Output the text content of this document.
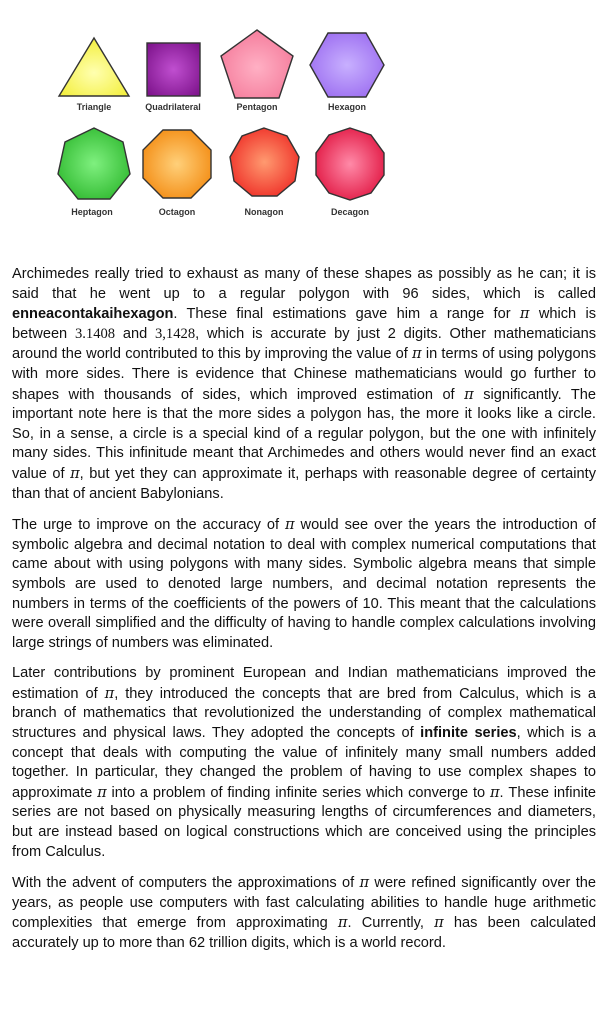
Triangle	Quadrilateral	Pentagon	Hexagon
Heptagon	Octagon	Nonagon	Decagon

Archimedes really tried to exhaust as many of these shapes as possibly as he can; it is said that he went up to a regular polygon with 96 sides, which is called enneacontakaihexagon. These final estimations gave him a range for π which is between 3.1408 and 3,1428, which is accurate by just 2 digits. Other mathematicians around the world contributed to this by improving the value of π in terms of using polygons with more sides. There is evidence that Chinese mathematicians would go further to shapes with thousands of sides, which improved estimation of π significantly. The important note here is that the more sides a polygon has, the more it looks like a circle. So, in a sense, a circle is a special kind of a regular polygon, but the one with infinitely many sides. This infinitude meant that Archimedes and others would never find an exact value of π, but yet they can approximate it, perhaps with reasonable degree of certainty than that of ancient Babylonians.

The urge to improve on the accuracy of π would see over the years the introduction of symbolic algebra and decimal notation to deal with complex numerical computations that came about with using polygons with many sides. Symbolic algebra means that simple symbols are used to denoted large numbers, and decimal notation represents the numbers in terms of the coefficients of the powers of 10. This meant that the calculations were overall simplified and the difficulty of having to handle complex calculations involving large strings of numbers was eliminated.

Later contributions by prominent European and Indian mathematicians improved the estimation of π, they introduced the concepts that are bred from Calculus, which is a branch of mathematics that revolutionized the understanding of complex mathematical structures and physical laws. They adopted the concepts of infinite series, which is a concept that deals with computing the value of infinitely many small numbers added together. In particular, they changed the problem of having to use complex shapes to approximate π into a problem of finding infinite series which converge to π. These infinite series are not based on physically measuring lengths of circumferences and diameters, but are instead based on logical constructions which are conceived using the principles from Calculus.

With the advent of computers the approximations of π were refined significantly over the years, as people use computers with fast calculating abilities to handle huge arithmetic complexities that emerge from approximating π. Currently, π has been calculated accurately up to more than 62 trillion digits, which is a world record.
